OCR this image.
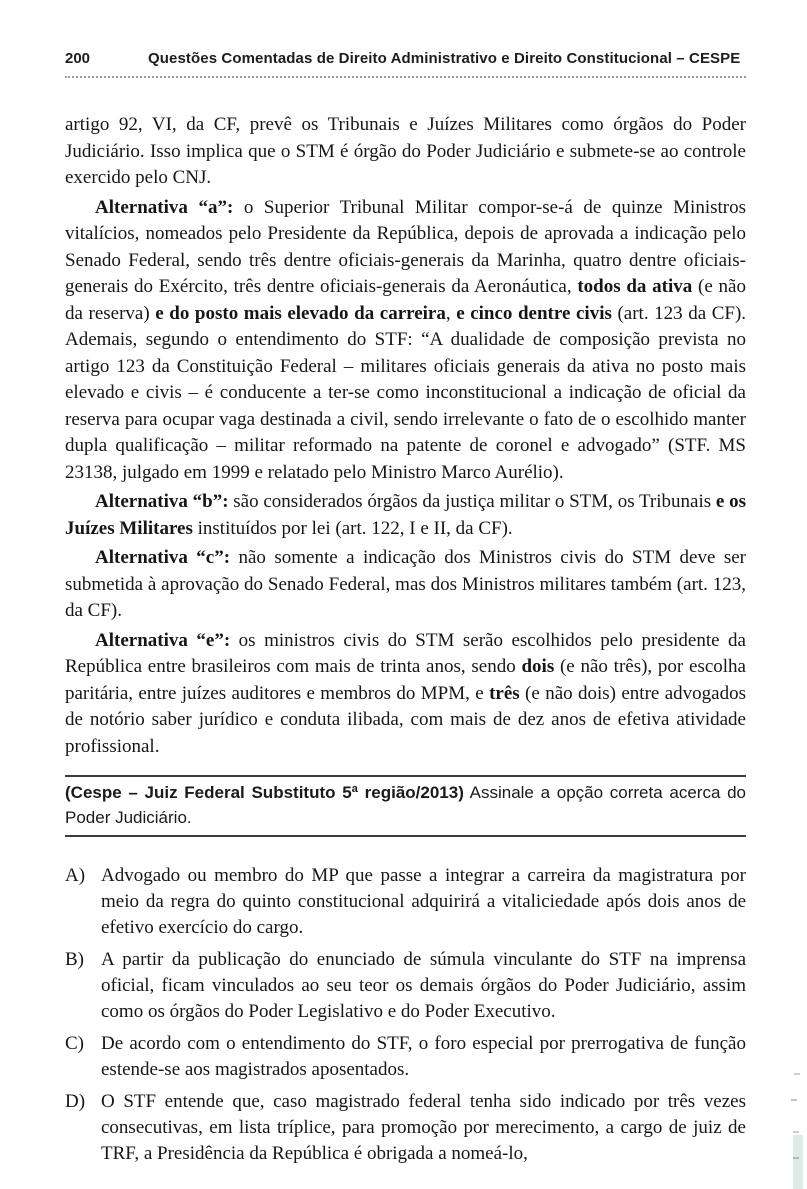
200	Questões Comentadas de Direito Administrativo e Direito Constitucional – CESPE

artigo 92, VI, da CF, prevê os Tribunais e Juízes Militares como órgãos do Poder Judiciário. Isso implica que o STM é órgão do Poder Judiciário e submete-se ao controle exercido pelo CNJ.

Alternativa “a”: o Superior Tribunal Militar compor-se-á de quinze Ministros vitalícios, nomeados pelo Presidente da República, depois de aprovada a indicação pelo Senado Federal, sendo três dentre oficiais-generais da Marinha, quatro dentre oficiais-generais do Exército, três dentre oficiais-generais da Aeronáutica, todos da ativa (e não da reserva) e do posto mais elevado da carreira, e cinco dentre civis (art. 123 da CF). Ademais, segundo o entendimento do STF: “A dualidade de composição prevista no artigo 123 da Constituição Federal – militares oficiais generais da ativa no posto mais elevado e civis – é conducente a ter-se como inconstitucional a indicação de oficial da reserva para ocupar vaga destinada a civil, sendo irrelevante o fato de o escolhido manter dupla qualificação – militar reformado na patente de coronel e advogado” (STF. MS 23138, julgado em 1999 e relatado pelo Ministro Marco Aurélio).

Alternativa “b”: são considerados órgãos da justiça militar o STM, os Tribunais e os Juízes Militares instituídos por lei (art. 122, I e II, da CF).

Alternativa “c”: não somente a indicação dos Ministros civis do STM deve ser submetida à aprovação do Senado Federal, mas dos Ministros militares também (art. 123, da CF).

Alternativa “e”: os ministros civis do STM serão escolhidos pelo presidente da República entre brasileiros com mais de trinta anos, sendo dois (e não três), por escolha paritária, entre juízes auditores e membros do MPM, e três (e não dois) entre advogados de notório saber jurídico e conduta ilibada, com mais de dez anos de efetiva atividade profissional.

(Cespe – Juiz Federal Substituto 5ª região/2013) Assinale a opção correta acerca do Poder Judiciário.
A) Advogado ou membro do MP que passe a integrar a carreira da magistratura por meio da regra do quinto constitucional adquirirá a vitaliciedade após dois anos de efetivo exercício do cargo.
B) A partir da publicação do enunciado de súmula vinculante do STF na imprensa oficial, ficam vinculados ao seu teor os demais órgãos do Poder Judiciário, assim como os órgãos do Poder Legislativo e do Poder Executivo.
C) De acordo com o entendimento do STF, o foro especial por prerrogativa de função estende-se aos magistrados aposentados.
D) O STF entende que, caso magistrado federal tenha sido indicado por três vezes consecutivas, em lista tríplice, para promoção por merecimento, a cargo de juiz de TRF, a Presidência da República é obrigada a nomeá-lo,
